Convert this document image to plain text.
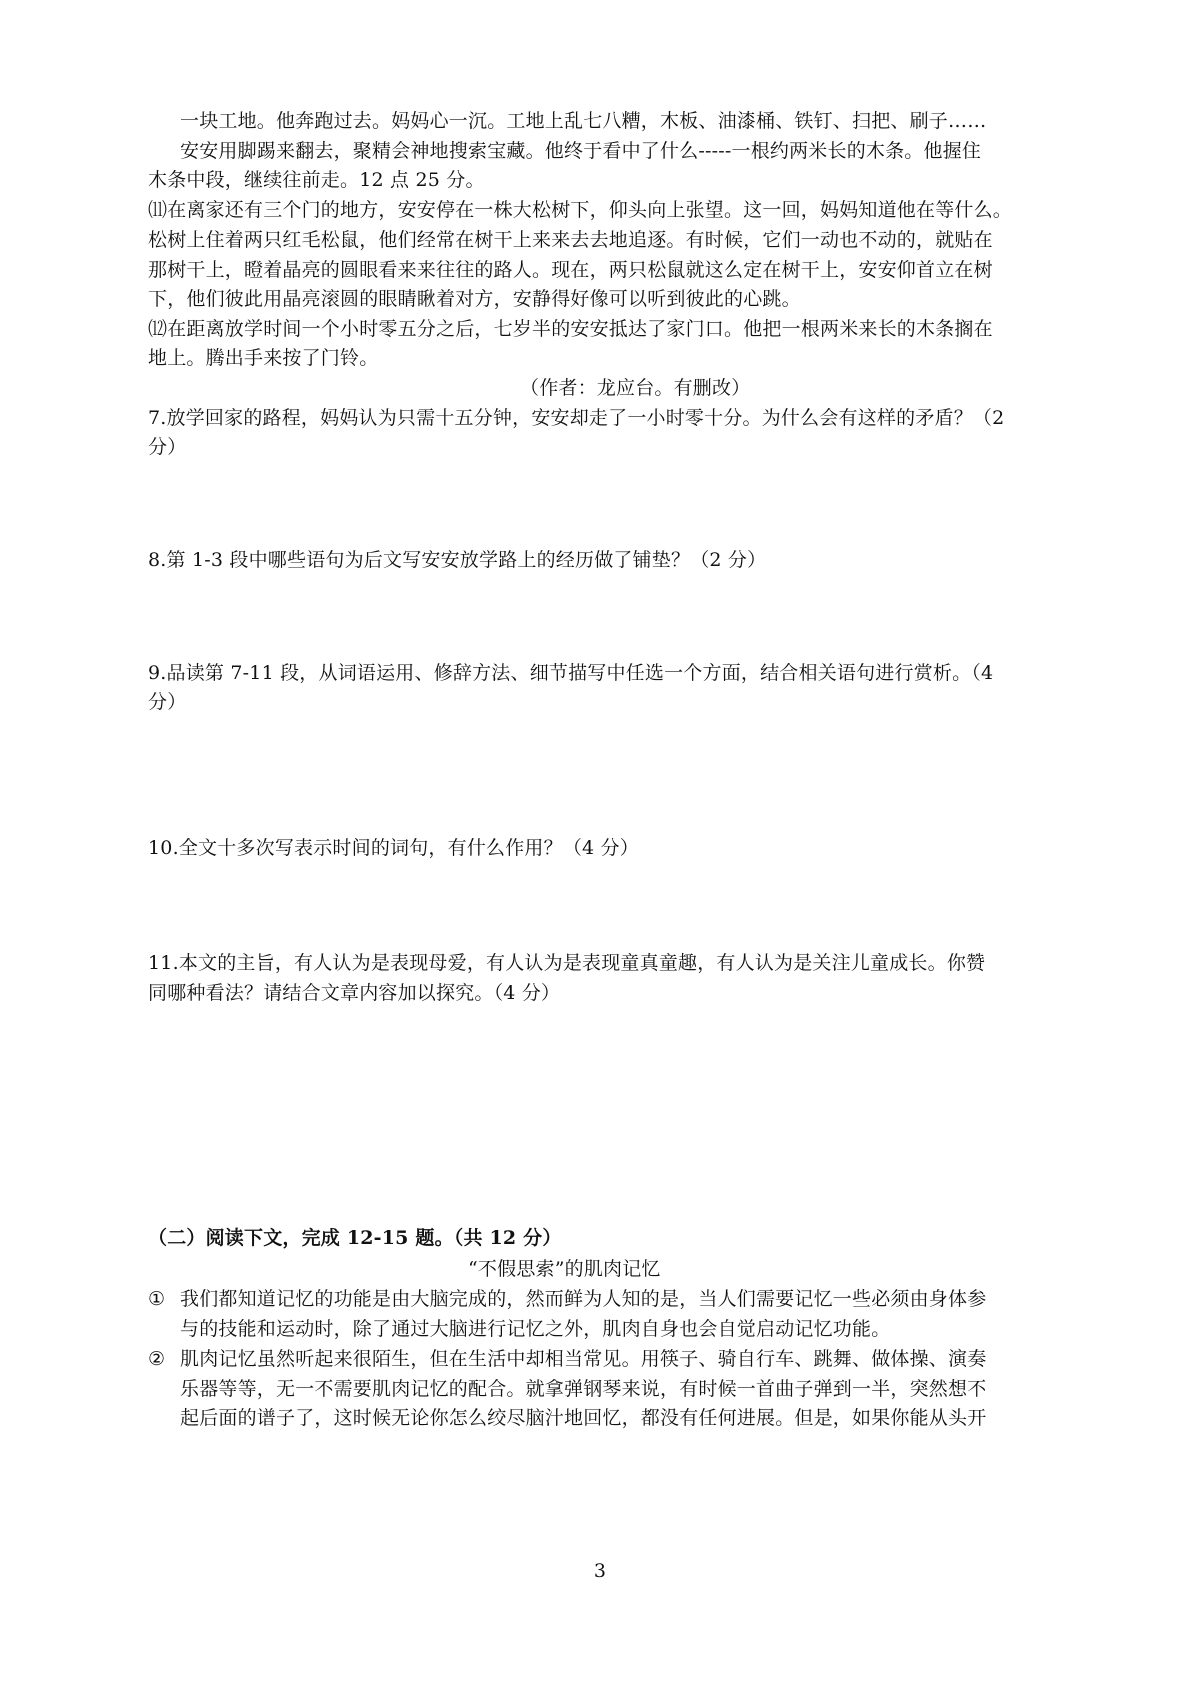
一块工地。他奔跑过去。妈妈心一沉。工地上乱七八糟，木板、油漆桶、铁钉、扫把、刷子……
安安用脚踢来翻去，聚精会神地搜索宝藏。他终于看中了什么-----一根约两米长的木条。他握住
木条中段，继续往前走。12 点 25 分。
⑾在离家还有三个门的地方，安安停在一株大松树下，仰头向上张望。这一回，妈妈知道他在等什么。
松树上住着两只红毛松鼠，他们经常在树干上来来去去地追逐。有时候，它们一动也不动的，就贴在
那树干上，瞪着晶亮的圆眼看来来往往的路人。现在，两只松鼠就这么定在树干上，安安仰首立在树
下，他们彼此用晶亮滚圆的眼睛瞅着对方，安静得好像可以听到彼此的心跳。
⑿在距离放学时间一个小时零五分之后，七岁半的安安抵达了家门口。他把一根两米来长的木条搁在
地上。腾出手来按了门铃。
（作者：龙应台。有删改）
7.放学回家的路程，妈妈认为只需十五分钟，安安却走了一小时零十分。为什么会有这样的矛盾？（2
分）
8.第 1-3 段中哪些语句为后文写安安放学路上的经历做了铺垫？（2 分）
9.品读第 7-11 段，从词语运用、修辞方法、细节描写中任选一个方面，结合相关语句进行赏析。（4
分）
10.全文十多次写表示时间的词句，有什么作用？（4 分）
11.本文的主旨，有人认为是表现母爱，有人认为是表现童真童趣，有人认为是关注儿童成长。你赞
同哪种看法？请结合文章内容加以探究。（4 分）
（二）阅读下文，完成 12-15 题。（共 12 分）
“不假思索”的肌肉记忆
① 我们都知道记忆的功能是由大脑完成的，然而鲜为人知的是，当人们需要记忆一些必须由身体参
与的技能和运动时，除了通过大脑进行记忆之外，肌肉自身也会自觉启动记忆功能。
② 肌肉记忆虽然听起来很陌生，但在生活中却相当常见。用筷子、骑自行车、跳舞、做体操、演奏
乐器等等，无一不需要肌肉记忆的配合。就拿弹钢琴来说，有时候一首曲子弹到一半，突然想不
起后面的谱子了，这时候无论你怎么绞尽脑汁地回忆，都没有任何进展。但是，如果你能从头开
3
